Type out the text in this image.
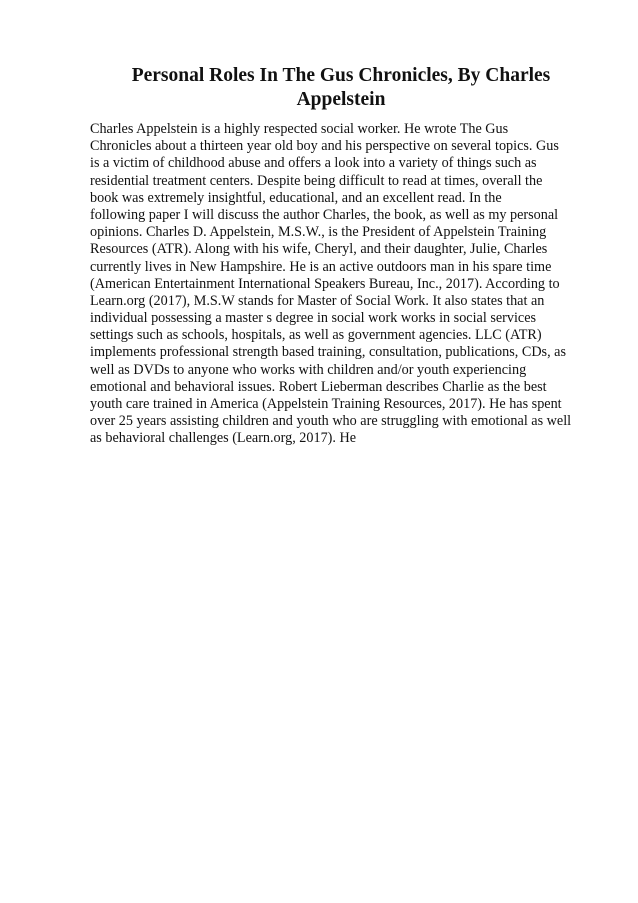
Personal Roles In The Gus Chronicles, By Charles
Appelstein
Charles Appelstein is a highly respected social worker. He wrote The Gus
Chronicles about a thirteen year old boy and his perspective on several topics. Gus
is a victim of childhood abuse and offers a look into a variety of things such as
residential treatment centers. Despite being difficult to read at times, overall the
book was extremely insightful, educational, and an excellent read. In the
following paper I will discuss the author Charles, the book, as well as my personal
opinions. Charles D. Appelstein, M.S.W., is the President of Appelstein Training
Resources (ATR). Along with his wife, Cheryl, and their daughter, Julie, Charles
currently lives in New Hampshire. He is an active outdoors man in his spare time
(American Entertainment International Speakers Bureau, Inc., 2017). According to
Learn.org (2017), M.S.W stands for Master of Social Work. It also states that an
individual possessing a master s degree in social work works in social services
settings such as schools, hospitals, as well as government agencies. LLC (ATR)
implements professional strength based training, consultation, publications, CDs, as
well as DVDs to anyone who works with children and/or youth experiencing
emotional and behavioral issues. Robert Lieberman describes Charlie as the best
youth care trained in America (Appelstein Training Resources, 2017). He has spent
over 25 years assisting children and youth who are struggling with emotional as well
as behavioral challenges (Learn.org, 2017). He
